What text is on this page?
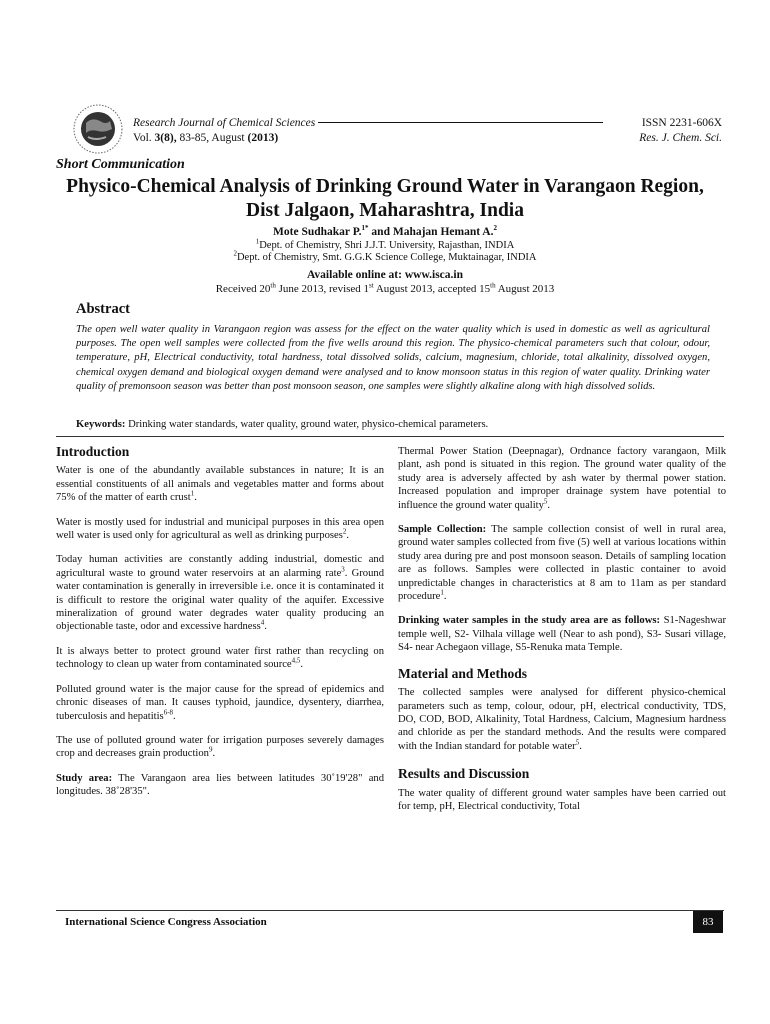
Research Journal of Chemical Sciences
Vol. 3(8), 83-85, August (2013)
ISSN 2231-606X
Res. J. Chem. Sci.
Short Communication
Physico-Chemical Analysis of Drinking Ground Water in Varangaon Region,
Dist Jalgaon, Maharashtra, India
Mote Sudhakar P.$^{1*}$ and Mahajan Hemant A.$^2$
$^1$Dept. of Chemistry, Shri J.J.T. University, Rajasthan, INDIA
$^2$Dept. of Chemistry, Smt. G.G.K Science College, Muktainagar, INDIA
Available online at: www.isca.in
Received 20th June 2013, revised 1st August 2013, accepted 15th August 2013
Abstract
The open well water quality in Varangaon region was assess for the effect on the water quality which is used in domestic as well as agricultural purposes. The open well samples were collected from the five wells around this region. The physico-chemical parameters such that colour, odour, temperature, pH, Electrical conductivity, total hardness, total dissolved solids, calcium, magnesium, chloride, total alkalinity, dissolved oxygen, chemical oxygen demand and biological oxygen demand were analysed and to know monsoon status in this region of water quality. Drinking water quality of premonsoon season was better than post monsoon season, one samples were slightly alkaline along with high dissolved solids.
Keywords: Drinking water standards, water quality, ground water, physico-chemical parameters.
Introduction

Water is one of the abundantly available substances in nature; It is an essential constituents of all animals and vegetables matter and forms about 75% of the matter of earth crust$^1$.

Water is mostly used for industrial and municipal purposes in this area open well water is used only for agricultural as well as drinking purposes$^2$.

Today human activities are constantly adding industrial, domestic and agricultural waste to ground water reservoirs at an alarming rate$^3$. Ground water contamination is generally in irreversible i.e. once it is contaminated it is difficult to restore the original water quality of the aquifer. Excessive mineralization of ground water degrades water quality producing an objectionable taste, odor and excessive hardness$^4$.

It is always better to protect ground water first rather than recycling on technology to clean up water from contaminated source$^{4,5}$.

Polluted ground water is the major cause for the spread of epidemics and chronic diseases of man. It causes typhoid, jaundice, dysentery, diarrhea, tuberculosis and hepatitis$^{6-8}$.

The use of polluted ground water for irrigation purposes severely damages crop and decreases grain production$^9$.

Study area: The Varangaon area lies between latitudes 30˚19'28" and longitudes. 38˚28'35".

Thermal Power Station (Deepnagar), Ordnance factory varangaon, Milk plant, ash pond is situated in this region. The ground water quality of the study area is adversely affected by ash water by thermal power station. Increased population and improper drainage system have potential to influence the ground water quality$^5$.

Sample Collection: The sample collection consist of well in rural area, ground water samples collected from five (5) well at various locations within study area during pre and post monsoon season. Details of sampling location are as follows. Samples were collected in plastic container to avoid unpredictable changes in characteristics at 8 am to 11am as per standard procedure$^1$.

Drinking water samples in the study area are as follows: S1-Nageshwar temple well, S2- Vilhala village well (Near to ash pond), S3- Susari village, S4- near Achegaon village, S5-Renuka mata Temple.

Material and Methods

The collected samples were analysed for different physico-chemical parameters such as temp, colour, odour, pH, electrical conductivity, TDS, DO, COD, BOD, Alkalinity, Total Hardness, Calcium, Magnesium hardness and chloride as per the standard methods. And the results were compared with the Indian standard for potable water$^5$.

Results and Discussion

The water quality of different ground water samples have been carried out for temp, pH, Electrical conductivity, Total

International Science Congress Association	83
